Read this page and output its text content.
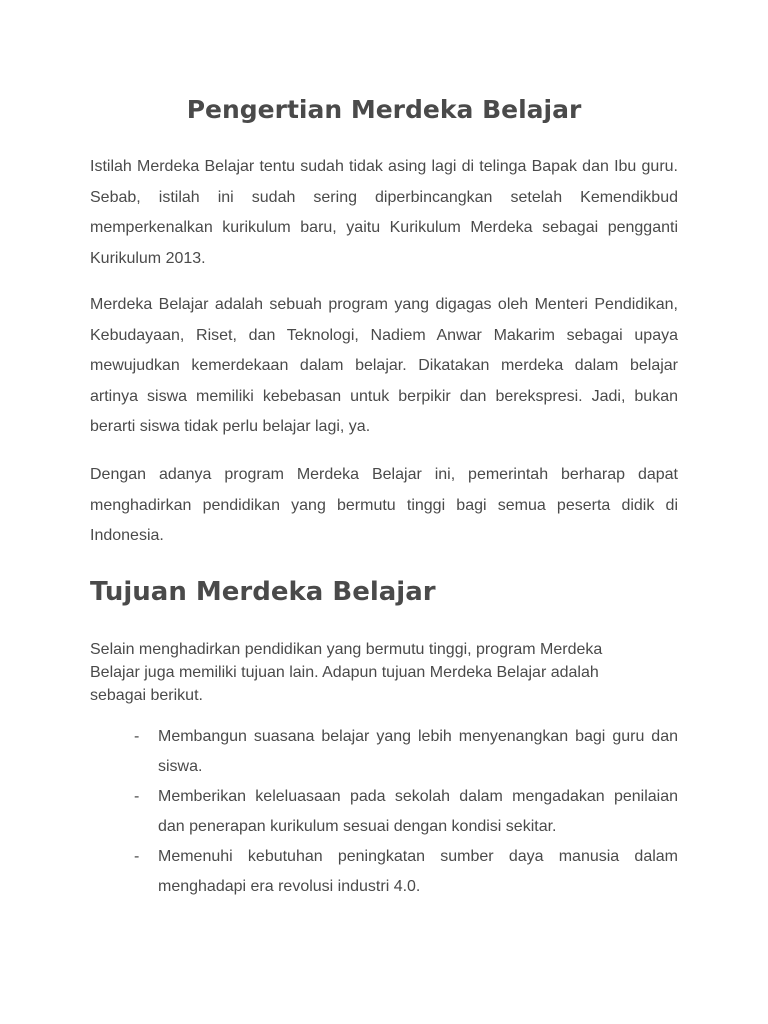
Pengertian Merdeka Belajar

Istilah Merdeka Belajar tentu sudah tidak asing lagi di telinga Bapak dan Ibu guru. Sebab, istilah ini sudah sering diperbincangkan setelah Kemendikbud memperkenalkan kurikulum baru, yaitu Kurikulum Merdeka sebagai pengganti Kurikulum 2013.

Merdeka Belajar adalah sebuah program yang digagas oleh Menteri Pendidikan, Kebudayaan, Riset, dan Teknologi, Nadiem Anwar Makarim sebagai upaya mewujudkan kemerdekaan dalam belajar. Dikatakan merdeka dalam belajar artinya siswa memiliki kebebasan untuk berpikir dan berekspresi. Jadi, bukan berarti siswa tidak perlu belajar lagi, ya.

Dengan adanya program Merdeka Belajar ini, pemerintah berharap dapat menghadirkan pendidikan yang bermutu tinggi bagi semua peserta didik di Indonesia.

Tujuan Merdeka Belajar

Selain menghadirkan pendidikan yang bermutu tinggi, program Merdeka Belajar juga memiliki tujuan lain. Adapun tujuan Merdeka Belajar adalah sebagai berikut.

- Membangun suasana belajar yang lebih menyenangkan bagi guru dan siswa.
- Memberikan keleluasaan pada sekolah dalam mengadakan penilaian dan penerapan kurikulum sesuai dengan kondisi sekitar.
- Memenuhi kebutuhan peningkatan sumber daya manusia dalam menghadapi era revolusi industri 4.0.
